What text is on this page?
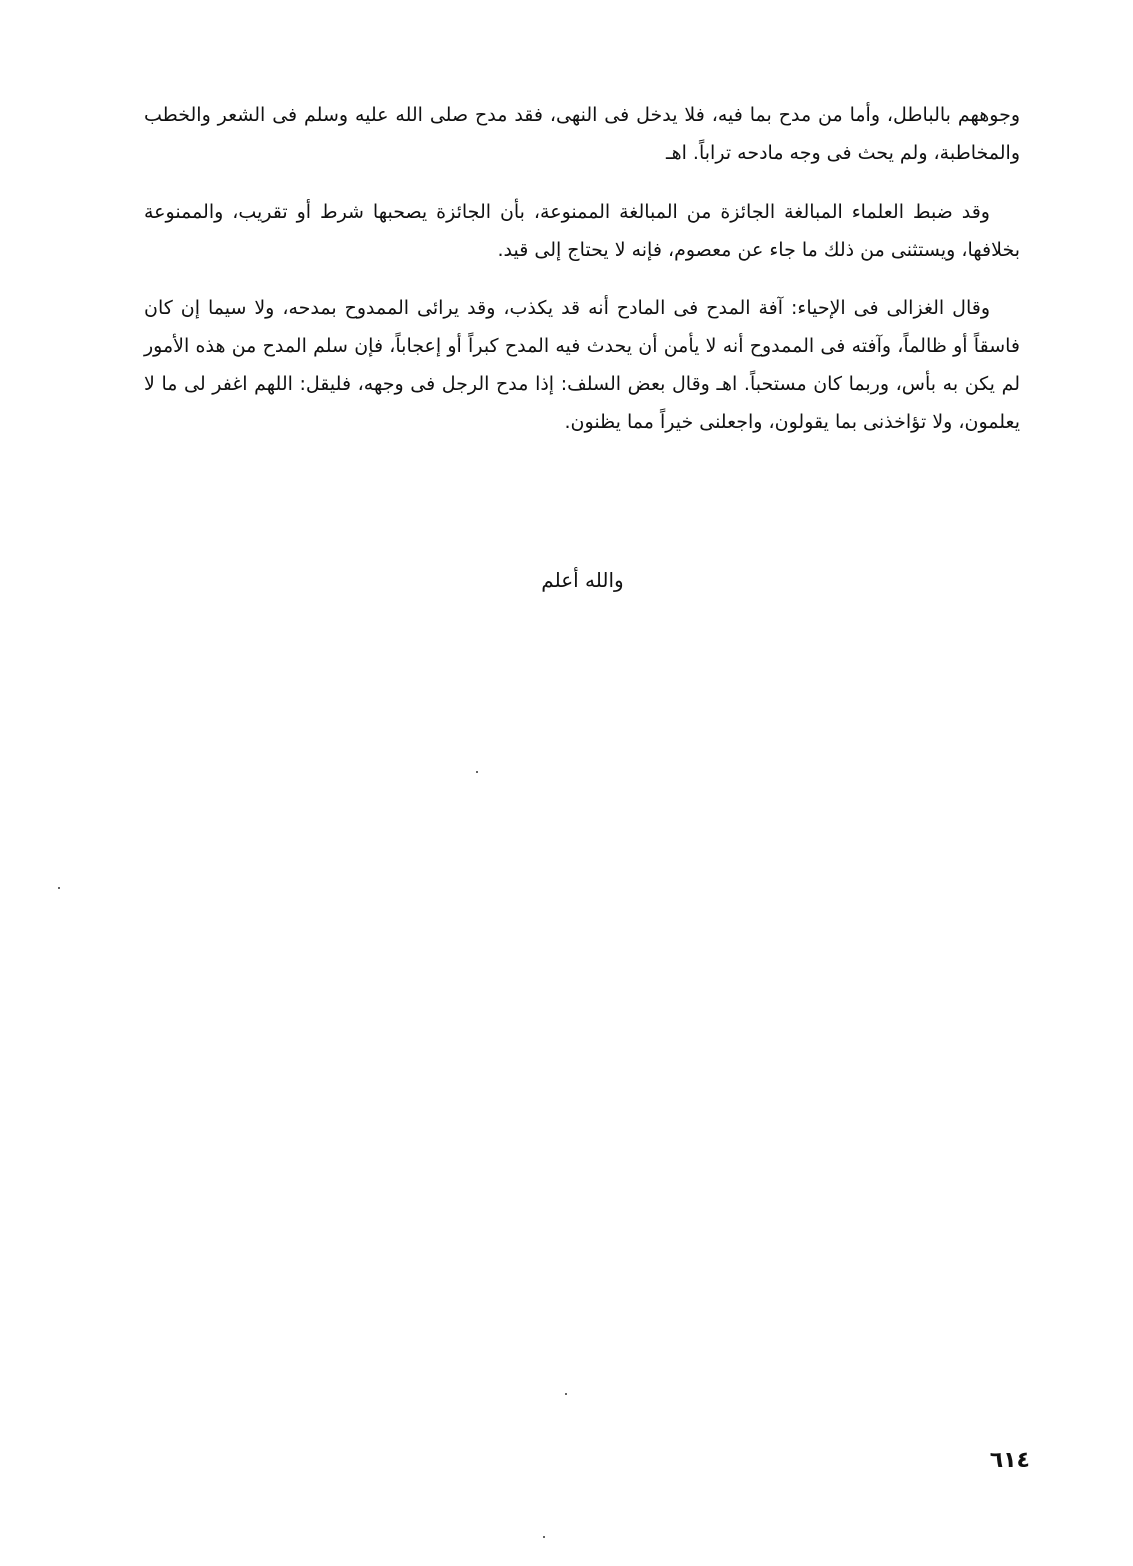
وجوههم بالباطل، وأما من مدح بما فيه، فلا يدخل فى النهى، فقد مدح صلى الله عليه وسلم فى الشعر والخطب والمخاطبة، ولم يحث فى وجه مادحه تراباً. اهـ

وقد ضبط العلماء المبالغة الجائزة من المبالغة الممنوعة، بأن الجائزة يصحبها شرط أو تقريب، والممنوعة بخلافها، ويستثنى من ذلك ما جاء عن معصوم، فإنه لا يحتاج إلى قيد.

وقال الغزالى فى الإحياء: آفة المدح فى المادح أنه قد يكذب، وقد يرائى الممدوح بمدحه، ولا سيما إن كان فاسقاً أو ظالماً، وآفته فى الممدوح أنه لا يأمن أن يحدث فيه المدح كبراً أو إعجاباً، فإن سلم المدح من هذه الأمور لم يكن به بأس، وربما كان مستحباً. اهـ وقال بعض السلف: إذا مدح الرجل فى وجهه، فليقل: اللهم اغفر لى ما لا يعلمون، ولا تؤاخذنى بما يقولون، واجعلنى خيراً مما يظنون.

والله أعلم
٦١٤
